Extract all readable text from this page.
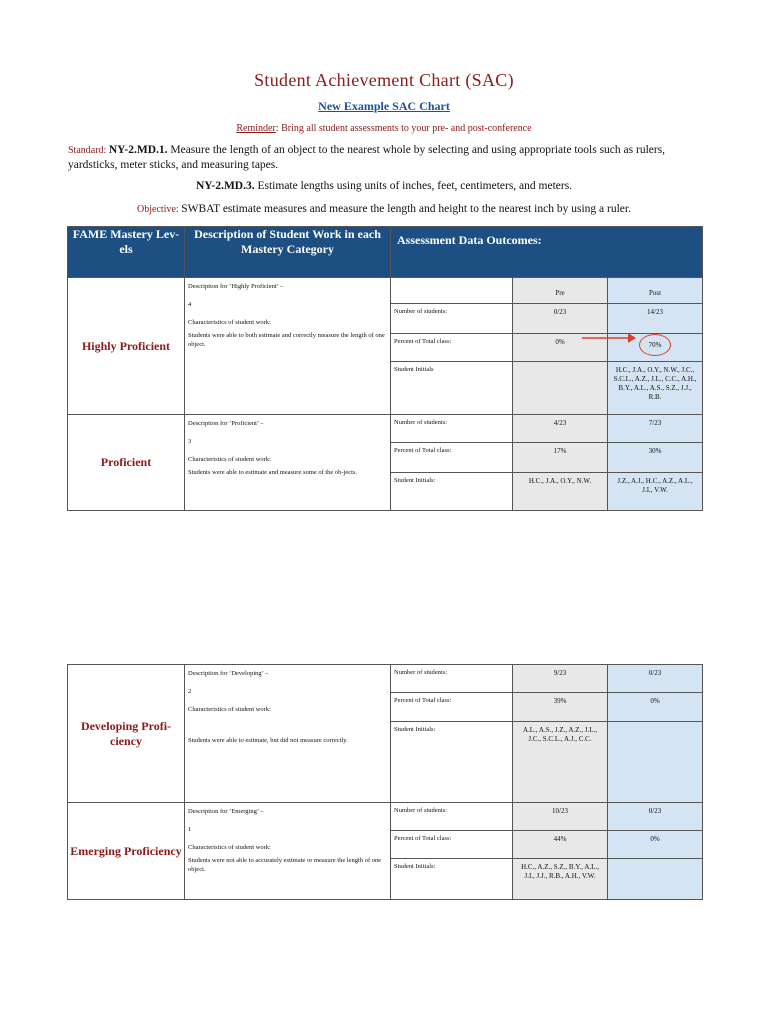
Student Achievement Chart (SAC)
New Example SAC Chart
Reminder: Bring all student assessments to your pre- and post-conference
Standard: NY-2.MD.1. Measure the length of an object to the nearest whole by selecting and using appropriate tools such as rulers, yardsticks, meter sticks, and measuring tapes.
NY-2.MD.3. Estimate lengths using units of inches, feet, centimeters, and meters.
Objective: SWBAT estimate measures and measure the length and height to the nearest inch by using a ruler.
FAME Mastery Lev-els	Description of Student Work in each Mastery Category	Assessment Data Outcomes:		
Highly Proficient	Description for ‘Highly Proficient’ –

4

Characteristics of student work:

Students were able to both estimate and correctly measure the length of one object.		Pre	Post
		Number of students:	0/23	14/23
		Percent of Total class:	0%	70%
		Student Initials		H.C., J.A., O.Y., N.W., J.C., S.C.L., A.Z., J.L., C.C., A.H., B.Y., A.L., A.S., S.Z., J.J., R.B.

Proficient	Description for ‘Proficient’ –

3

Characteristics of student work:

Students were able to estimate and measure some of the ob-jects.	Number of students:	4/23	7/23
		Percent of Total class:	17%	30%
		Student Initials:	H.C., J.A., O.Y., N.W.	J.Z., A.J., H.C., A.Z., A.L., J.I., V.W.
Developing Profi-ciency	Description for ‘Developing’ –

2

Characteristics of student work:

Students were able to estimate, but did not measure correctly.	Number of students:	9/23	0/23
		Percent of Total class:	39%	0%
		Student Initials:	A.L., A.S., J.Z., A.Z., J.L., J.C., S.C.L., A.J., C.C.	

Emerging Proficiency	Description for ‘Emerging’ –

1

Characteristics of student work:

Students were not able to accurately estimate or measure the length of one object.	Number of students:	10/23	0/23
		Percent of Total class:	44%	0%
		Student Initials:	H.C., A.Z., S.Z., B.Y., A.L., J.I., J.J., R.B., A.H., V.W.	
